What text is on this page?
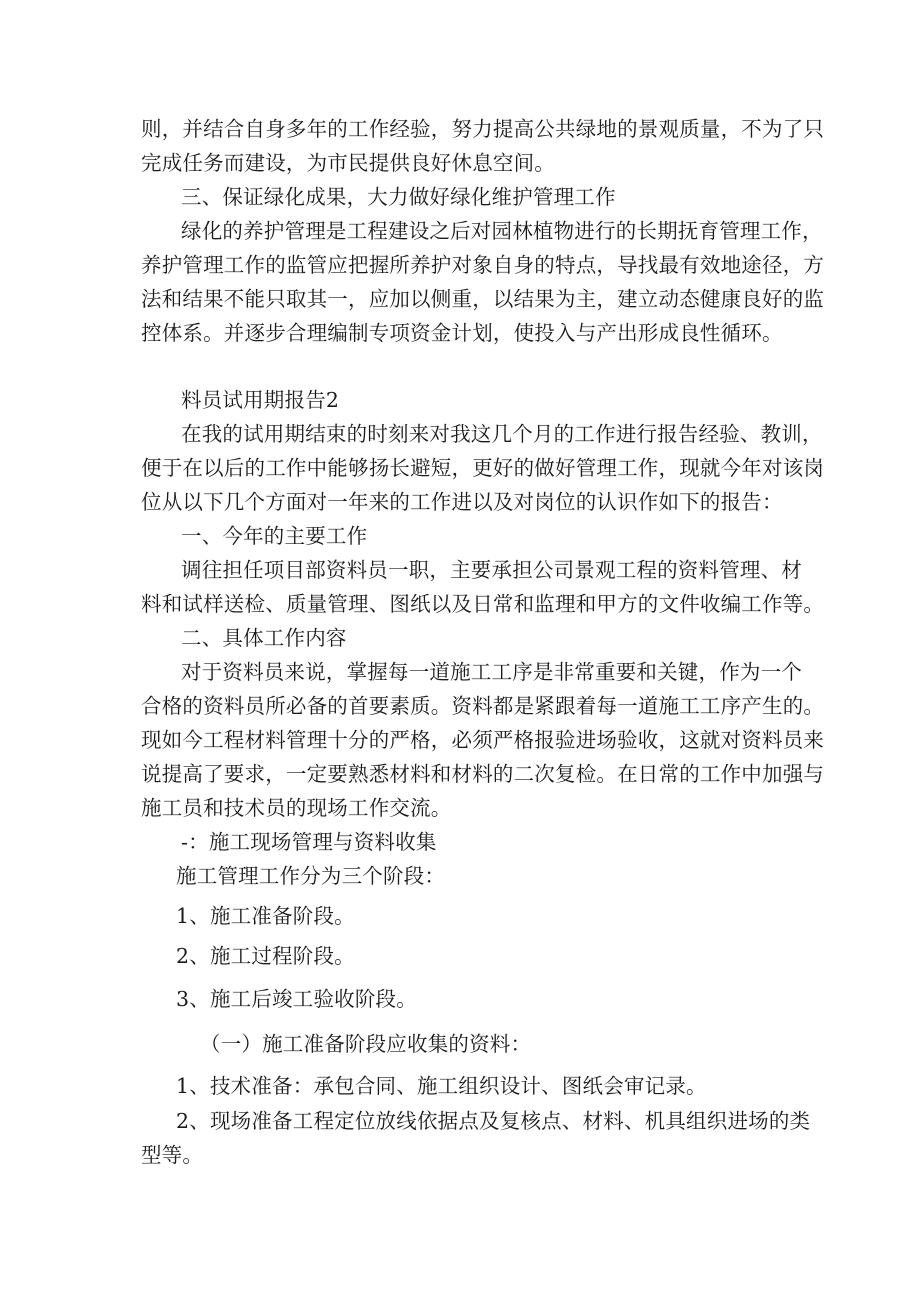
则，并结合自身多年的工作经验，努力提高公共绿地的景观质量，不为了只
完成任务而建设，为市民提供良好休息空间。
三、保证绿化成果，大力做好绿化维护管理工作
绿化的养护管理是工程建设之后对园林植物进行的长期抚育管理工作，
养护管理工作的监管应把握所养护对象自身的特点，导找最有效地途径，方
法和结果不能只取其一，应加以侧重，以结果为主，建立动态健康良好的监
控体系。并逐步合理编制专项资金计划，使投入与产出形成良性循环。
料员试用期报告2
在我的试用期结束的时刻来对我这几个月的工作进行报告经验、教训，
便于在以后的工作中能够扬长避短，更好的做好管理工作，现就今年对该岗
位从以下几个方面对一年来的工作进以及对岗位的认识作如下的报告：
一、今年的主要工作
调往担任项目部资料员一职，主要承担公司景观工程的资料管理、材
料和试样送检、质量管理、图纸以及日常和监理和甲方的文件收编工作等。
二、具体工作内容
对于资料员来说，掌握每一道施工工序是非常重要和关键，作为一个
合格的资料员所必备的首要素质。资料都是紧跟着每一道施工工序产生的。
现如今工程材料管理十分的严格，必须严格报验进场验收，这就对资料员来
说提高了要求，一定要熟悉材料和材料的二次复检。在日常的工作中加强与
施工员和技术员的现场工作交流。
-：施工现场管理与资料收集
施工管理工作分为三个阶段：
1、施工准备阶段。
2、施工过程阶段。
3、施工后竣工验收阶段。
（一）施工准备阶段应收集的资料：
1、技术准备：承包合同、施工组织设计、图纸会审记录。
2、现场准备工程定位放线依据点及复核点、材料、机具组织进场的类
型等。
